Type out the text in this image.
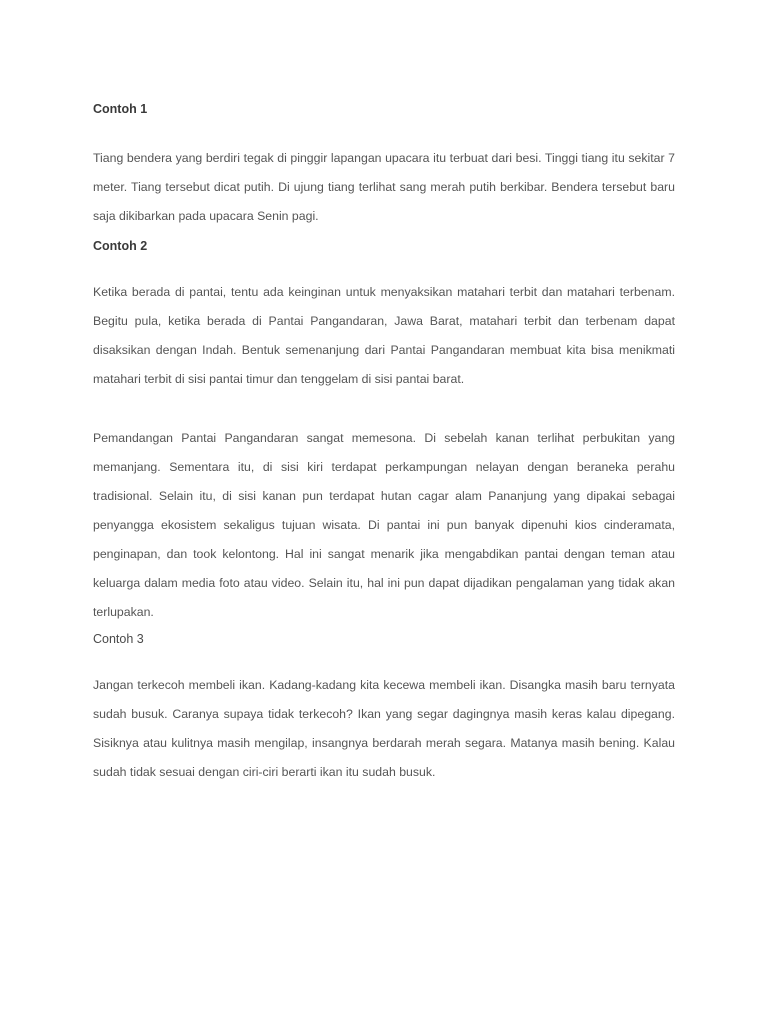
Contoh 1

Tiang bendera yang berdiri tegak di pinggir lapangan upacara itu terbuat dari besi. Tinggi tiang itu sekitar 7 meter. Tiang tersebut dicat putih. Di ujung tiang terlihat sang merah putih berkibar. Bendera tersebut baru saja dikibarkan pada upacara Senin pagi.

Contoh 2

Ketika berada di pantai, tentu ada keinginan untuk menyaksikan matahari terbit dan matahari terbenam. Begitu pula, ketika berada di Pantai Pangandaran, Jawa Barat, matahari terbit dan terbenam dapat disaksikan dengan Indah. Bentuk semenanjung dari Pantai Pangandaran membuat kita bisa menikmati matahari terbit di sisi pantai timur dan tenggelam di sisi pantai barat.

Pemandangan Pantai Pangandaran sangat memesona. Di sebelah kanan terlihat perbukitan yang memanjang. Sementara itu, di sisi kiri terdapat perkampungan nelayan dengan beraneka perahu tradisional. Selain itu, di sisi kanan pun terdapat hutan cagar alam Pananjung yang dipakai sebagai penyangga ekosistem sekaligus tujuan wisata. Di pantai ini pun banyak dipenuhi kios cinderamata, penginapan, dan took kelontong. Hal ini sangat menarik jika mengabdikan pantai dengan teman atau keluarga dalam media foto atau video. Selain itu, hal ini pun dapat dijadikan pengalaman yang tidak akan terlupakan.

Contoh 3

Jangan terkecoh membeli ikan. Kadang-kadang kita kecewa membeli ikan. Disangka masih baru ternyata sudah busuk. Caranya supaya tidak terkecoh? Ikan yang segar dagingnya masih keras kalau dipegang. Sisiknya atau kulitnya masih mengilap, insangnya berdarah merah segara. Matanya masih bening. Kalau sudah tidak sesuai dengan ciri-ciri berarti ikan itu sudah busuk.
